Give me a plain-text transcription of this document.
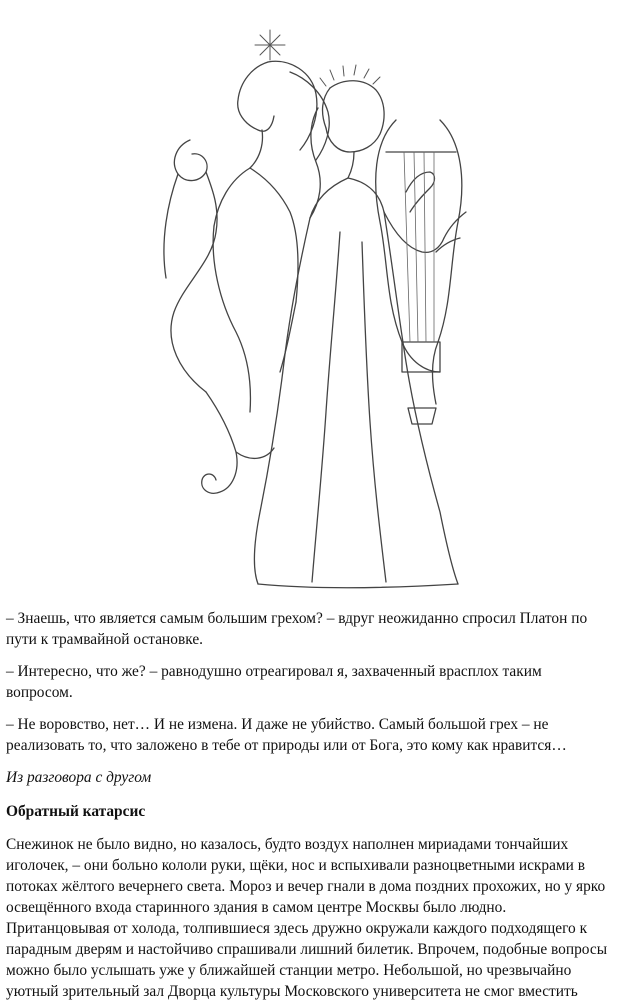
– Знаешь, что является самым большим грехом? – вдруг неожиданно спросил Платон по пути к трамвайной остановке.

– Интересно, что же? – равнодушно отреагировал я, захваченный врасплох таким вопросом.

– Не воровство, нет… И не измена. И даже не убийство. Самый большой грех – не реализовать то, что заложено в тебе от природы или от Бога, это кому как нравится…

Из разговора с другом

Обратный катарсис

Снежинок не было видно, но казалось, будто воздух наполнен мириадами тончайших иголочек, – они больно кололи руки, щёки, нос и вспыхивали разноцветными искрами в потоках жёлтого вечернего света. Мороз и вечер гнали в дома поздних прохожих, но у ярко освещённого входа старинного здания в самом центре Москвы было людно. Пританцовывая от холода, толпившиеся здесь дружно окружали каждого подходящего к парадным дверям и настойчиво спрашивали лишний билетик. Впрочем, подобные вопросы можно было услышать уже у ближайшей станции метро. Небольшой, но чрезвычайно уютный зрительный зал Дворца культуры Московского университета не смог вместить
